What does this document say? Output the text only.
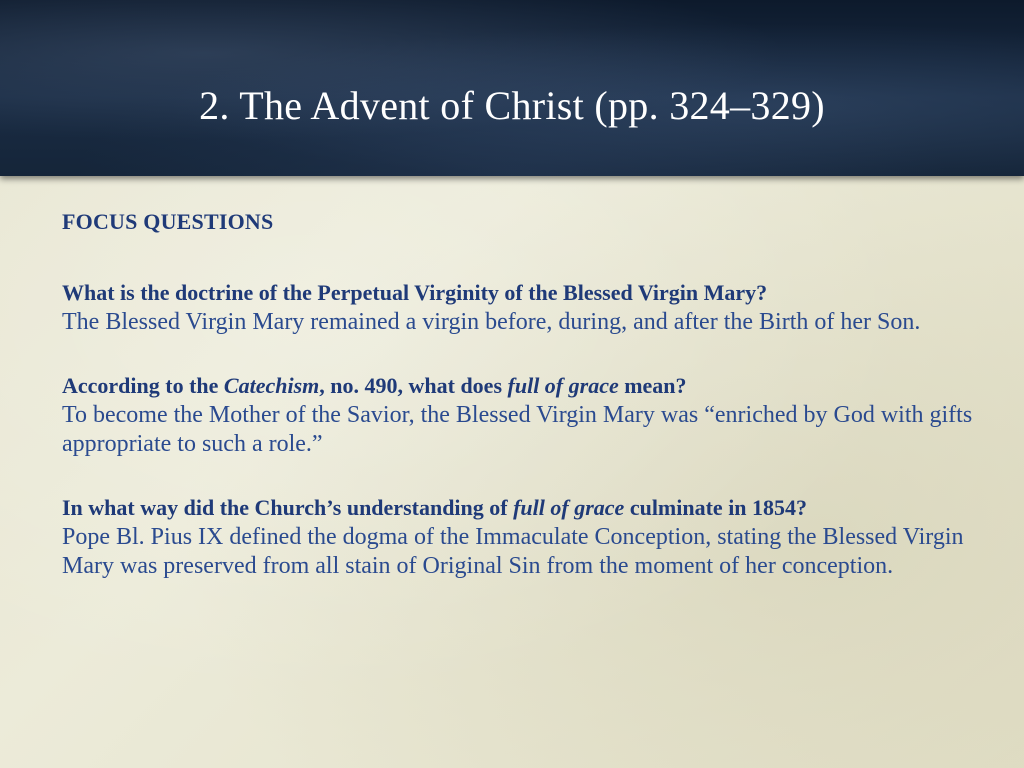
2. The Advent of Christ (pp. 324–329)

FOCUS QUESTIONS

What is the doctrine of the Perpetual Virginity of the Blessed Virgin Mary?

The Blessed Virgin Mary remained a virgin before, during, and after the Birth of her Son.

According to the Catechism, no. 490, what does full of grace mean?

To become the Mother of the Savior, the Blessed Virgin Mary was “enriched by God with gifts appropriate to such a role.”

In what way did the Church’s understanding of full of grace culminate in 1854?

Pope Bl. Pius IX defined the dogma of the Immaculate Conception, stating the Blessed Virgin Mary was preserved from all stain of Original Sin from the moment of her conception.
